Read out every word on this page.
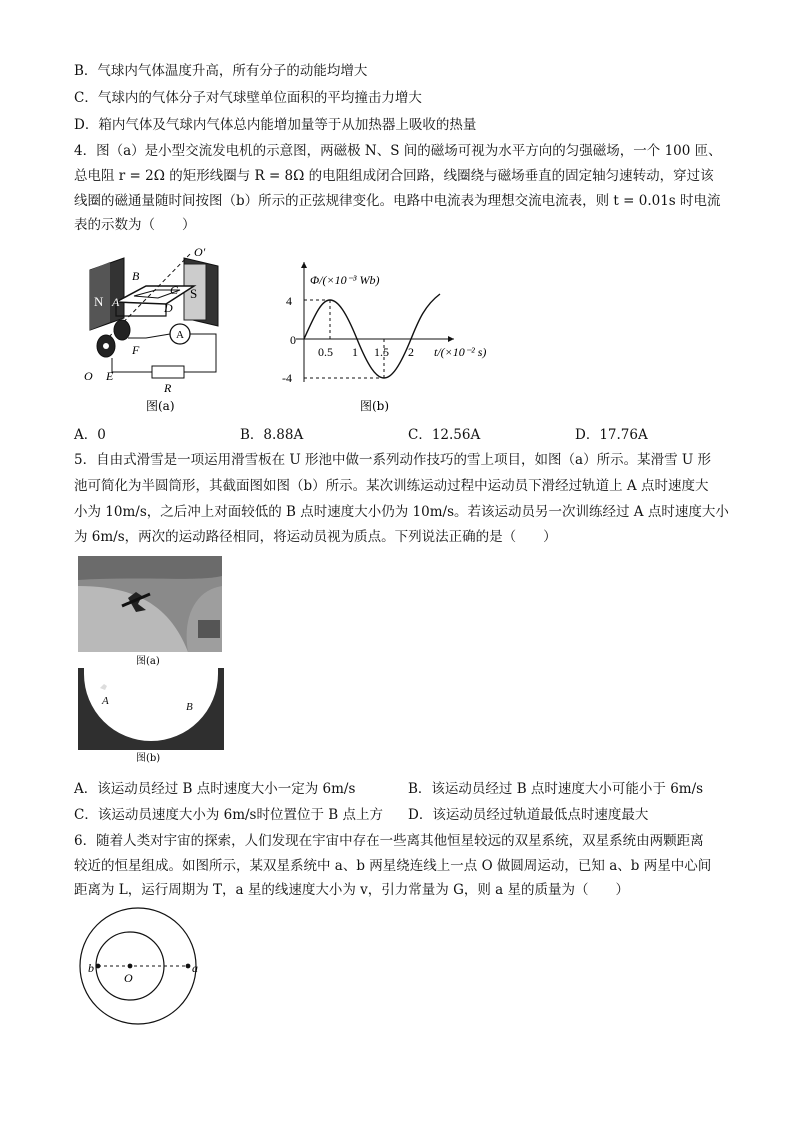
B．气球内气体温度升高，所有分子的动能均增大
C．气球内的气体分子对气球壁单位面积的平均撞击力增大
D．箱内气体及气球内气体总内能增加量等于从加热器上吸收的热量
4．图（a）是小型交流发电机的示意图，两磁极 N、S 间的磁场可视为水平方向的匀强磁场，一个 100 匝、
总电阻 r = 2Ω 的矩形线圈与 R = 8Ω 的电阻组成闭合回路，线圈绕与磁场垂直的固定轴匀速转动，穿过该
线圈的磁通量随时间按图（b）所示的正弦规律变化。电路中电流表为理想交流电流表，则 t = 0.01s 时电流
表的示数为（　　）
N A
B
C
D
S
O′
A
F
O E
R
图(a)
4
0
-4
0.5 1 1.5 2
Φ/(×10⁻³ Wb)
t/(×10⁻² s)
图(b)
A．0	B．8.88A	C．12.56A	D．17.76A
5．自由式滑雪是一项运用滑雪板在 U 形池中做一系列动作技巧的雪上项目，如图（a）所示。某滑雪 U 形
池可简化为半圆筒形，其截面图如图（b）所示。某次训练运动过程中运动员下滑经过轨道上 A 点时速度大
小为 10m/s，之后冲上对面较低的 B 点时速度大小仍为 10m/s。若该运动员另一次训练经过 A 点时速度大小
为 6m/s，两次的运动路径相同，将运动员视为质点。下列说法正确的是（　　）
图(a)
A	B
图(b)
A．该运动员经过 B 点时速度大小一定为 6m/s	B．该运动员经过 B 点时速度大小可能小于 6m/s
C．该运动员速度大小为 6m/s时位置位于 B 点上方 D．该运动员经过轨道最低点时速度最大
6．随着人类对宇宙的探索，人们发现在宇宙中存在一些离其他恒星较远的双星系统，双星系统由两颗距离
较近的恒星组成。如图所示，某双星系统中 a、b 两星绕连线上一点 O 做圆周运动，已知 a、b 两星中心间
距离为 L，运行周期为 T，a 星的线速度大小为 v，引力常量为 G，则 a 星的质量为（　　）
b
O
a
